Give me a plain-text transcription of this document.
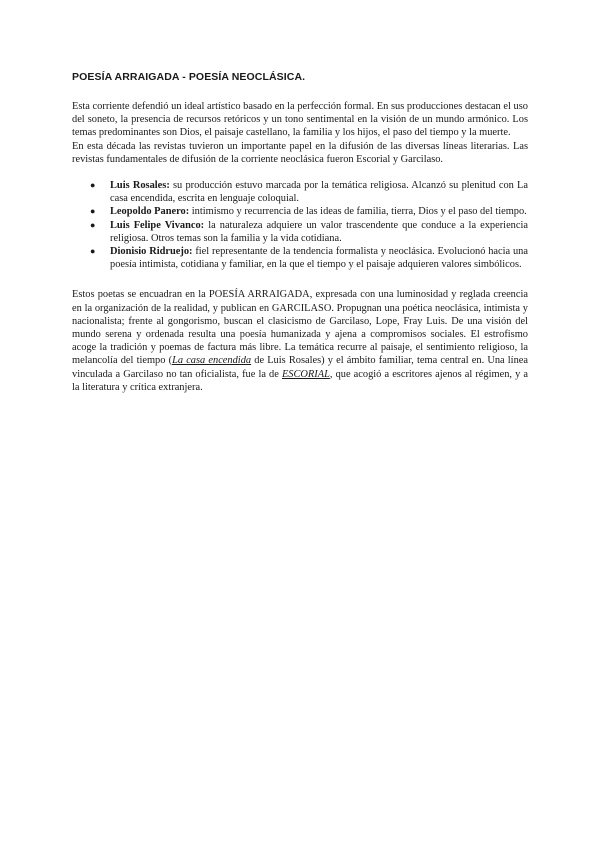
POESÍA ARRAIGADA - POESÍA NEOCLÁSICA.

Esta corriente defendió un ideal artístico basado en la perfección formal. En sus producciones destacan el uso del soneto, la presencia de recursos retóricos y un tono sentimental en la visión de un mundo armónico. Los temas predominantes son Dios, el paisaje castellano, la familia y los hijos, el paso del tiempo y la muerte.

En esta década las revistas tuvieron un importante papel en la difusión de las diversas líneas literarias. Las revistas fundamentales de difusión de la corriente neoclásica fueron Escorial y Garcilaso.

● Luis Rosales: su producción estuvo marcada por la temática religiosa. Alcanzó su plenitud con La casa encendida, escrita en lenguaje coloquial.
● Leopoldo Panero: intimismo y recurrencia de las ideas de familia, tierra, Dios y el paso del tiempo.
● Luis Felipe Vivanco: la naturaleza adquiere un valor trascendente que conduce a la experiencia religiosa. Otros temas son la familia y la vida cotidiana.
● Dionisio Ridruejo: fiel representante de la tendencia formalista y neoclásica. Evolucionó hacia una poesía intimista, cotidiana y familiar, en la que el tiempo y el paisaje adquieren valores simbólicos.

Estos poetas se encuadran en la POESÍA ARRAIGADA, expresada con una luminosidad y reglada creencia en la organización de la realidad, y publican en GARCILASO. Propugnan una poética neoclásica, intimista y nacionalista; frente al gongorismo, buscan el clasicismo de Garcilaso, Lope, Fray Luis. De una visión del mundo serena y ordenada resulta una poesía humanizada y ajena a compromisos sociales. El estrofismo acoge la tradición y poemas de factura más libre. La temática recurre al paisaje, el sentimiento religioso, la melancolía del tiempo (La casa encendida de Luis Rosales) y el ámbito familiar, tema central en. Una línea vinculada a Garcilaso no tan oficialista, fue la de ESCORIAL, que acogió a escritores ajenos al régimen, y a la literatura y crítica extranjera.
